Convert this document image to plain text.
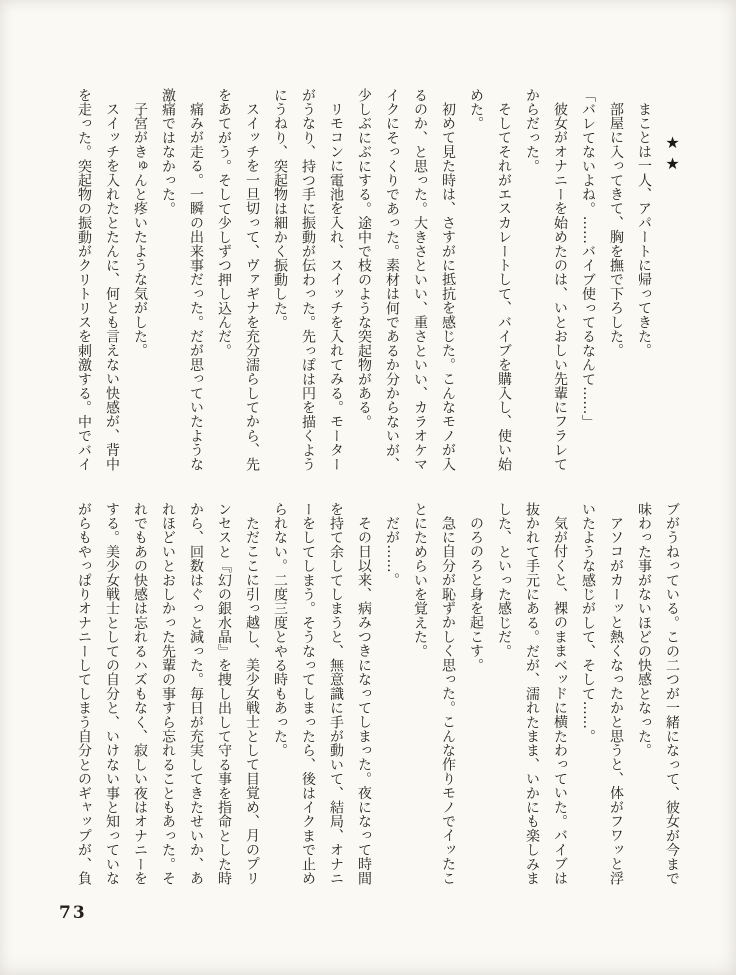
★★

まことは一人、アパートに帰ってきた。

部屋に入ってきて、胸を撫で下ろした。

「バレてないよね。……バイブ使ってるなんて……」

彼女がオナニーを始めたのは、いとおしい先輩にフラレてからだった。

そしてそれがエスカレートして、バイブを購入し、使い始めた。

初めて見た時は、さすがに抵抗を感じた。こんなモノが入るのか、と思った。大きさといい、重さといい、カラオケマイクにそっくりであった。素材は何であるか分からないが、少しぶにぶにする。途中で枝のような突起物がある。

リモコンに電池を入れ、スイッチを入れてみる。モーターがうなり、持つ手に振動が伝わった。先っぽは円を描くようにうねり、突起物は細かく振動した。

スイッチを一旦切って、ヴァギナを充分濡らしてから、先をあてがう。そして少しずつ押し込んだ。

痛みが走る。一瞬の出来事だった。だが思っていたような激痛ではなかった。

子宮がきゅんと疼いたような気がした。

スイッチを入れたとたんに、何とも言えない快感が、背中を走った。突起物の振動がクリトリスを刺激する。中でバイ

ブがうねっている。この二つが一緒になって、彼女が今まで味わった事がないほどの快感となった。

アソコがカーッと熱くなったかと思うと、体がフワッと浮いたような感じがして、そして……。

気が付くと、裸のままベッドに横たわっていた。バイブは抜かれて手元にある。だが、濡れたまま、いかにも楽しみました、といった感じだ。

のろのろと身を起こす。

急に自分が恥ずかしく思った。こんな作りモノでイッたことにためらいを覚えた。

だが……。

その日以来、病みつきになってしまった。夜になって時間を持て余してしまうと、無意識に手が動いて、結局、オナニーをしてしまう。そうなってしまったら、後はイクまで止められない。二度三度とやる時もあった。

ただここに引っ越し、美少女戦士として目覚め、月のプリンセスと『幻の銀水晶』を捜し出して守る事を指命とした時から、回数はぐっと減った。毎日が充実してきたせいか、あれほどいとおしかった先輩の事すら忘れることもあった。それでもあの快感は忘れるハズもなく、寂しい夜はオナニーをする。美少女戦士としての自分と、いけない事と知っていながらもやっぱりオナニーしてしまう自分とのギャップが、負

73
